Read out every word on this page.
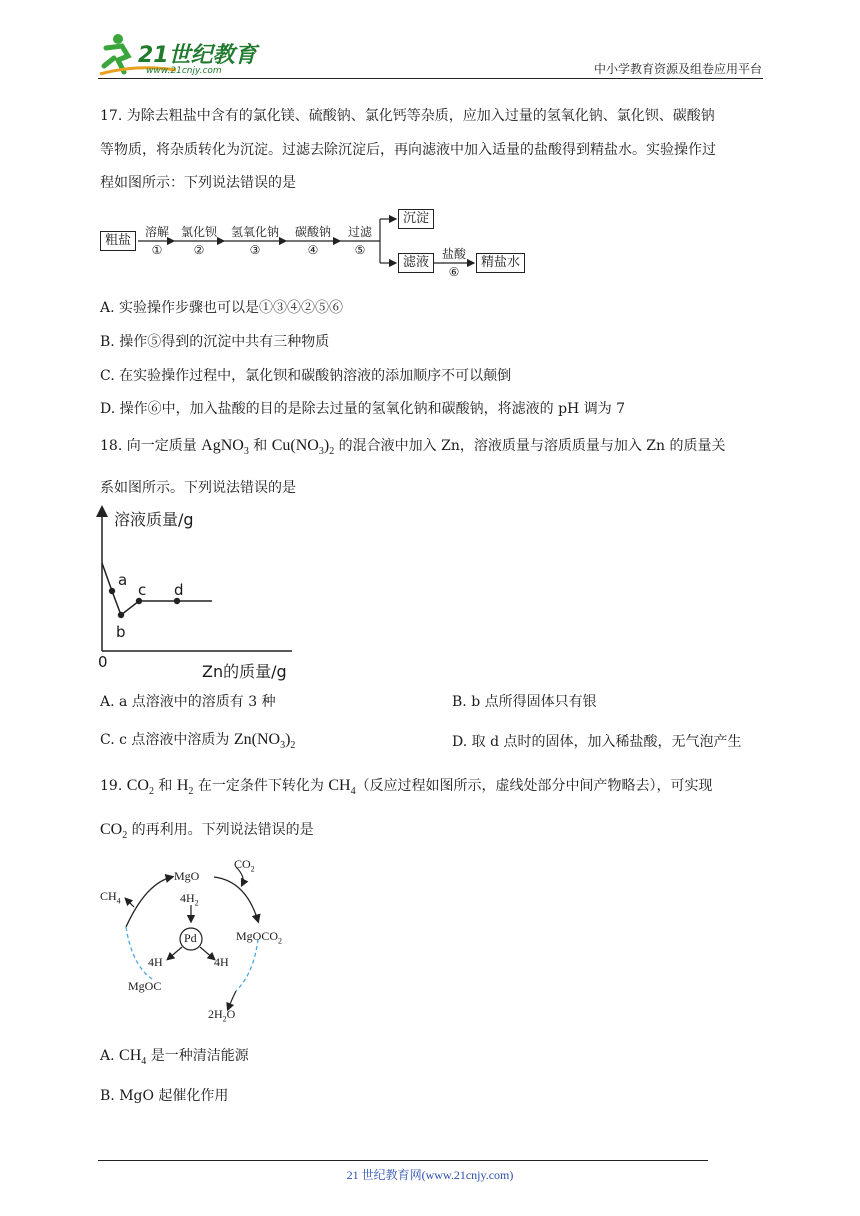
21世纪教育
www.21cnjy.com	中小学教育资源及组卷应用平台
17. 为除去粗盐中含有的氯化镁、硫酸钠、氯化钙等杂质，应加入过量的氢氧化钠、氯化钡、碳酸钠
等物质，将杂质转化为沉淀。过滤去除沉淀后，再向滤液中加入适量的盐酸得到精盐水。实验操作过
程如图所示：下列说法错误的是
粗盐
溶解
①
氯化钡
②
氢氧化钠
③
碳酸钠
④
过滤
⑤
沉淀
滤液
盐酸
⑥
精盐水
A. 实验操作步骤也可以是①③④②⑤⑥
B. 操作⑤得到的沉淀中共有三种物质
C. 在实验操作过程中，氯化钡和碳酸钠溶液的添加顺序不可以颠倒
D. 操作⑥中，加入盐酸的目的是除去过量的氢氧化钠和碳酸钠，将滤液的 pH 调为 7
18. 向一定质量 AgNO$_3$ 和 $Cu(NO_3)_2$ 的混合液中加入 Zn，溶液质量与溶质质量与加入 Zn 的质量关
系如图所示。下列说法错误的是
溶液质量/g
a
b
c d
0	Zn的质量/g
A. a 点溶液中的溶质有 3 种	B. b 点所得固体只有银
C. c 点溶液中溶质为 $Zn(NO_3)_2$	D. 取 d 点时的固体，加入稀盐酸，无气泡产生
19. $CO_2$ 和 $H_2$ 在一定条件下转化为 $CH_4$（反应过程如图所示，虚线处部分中间产物略去），可实现
$CO_2$ 的再利用。下列说法错误的是
MgO
$CO_2$
$4H_2$
Pd	MgOCO$_2$
4H	4H
MgOC
$2H_2O$
$CH_4$
A. $CH_4$ 是一种清洁能源
B. MgO 起催化作用
21 世纪教育网(www.21cnjy.com)
